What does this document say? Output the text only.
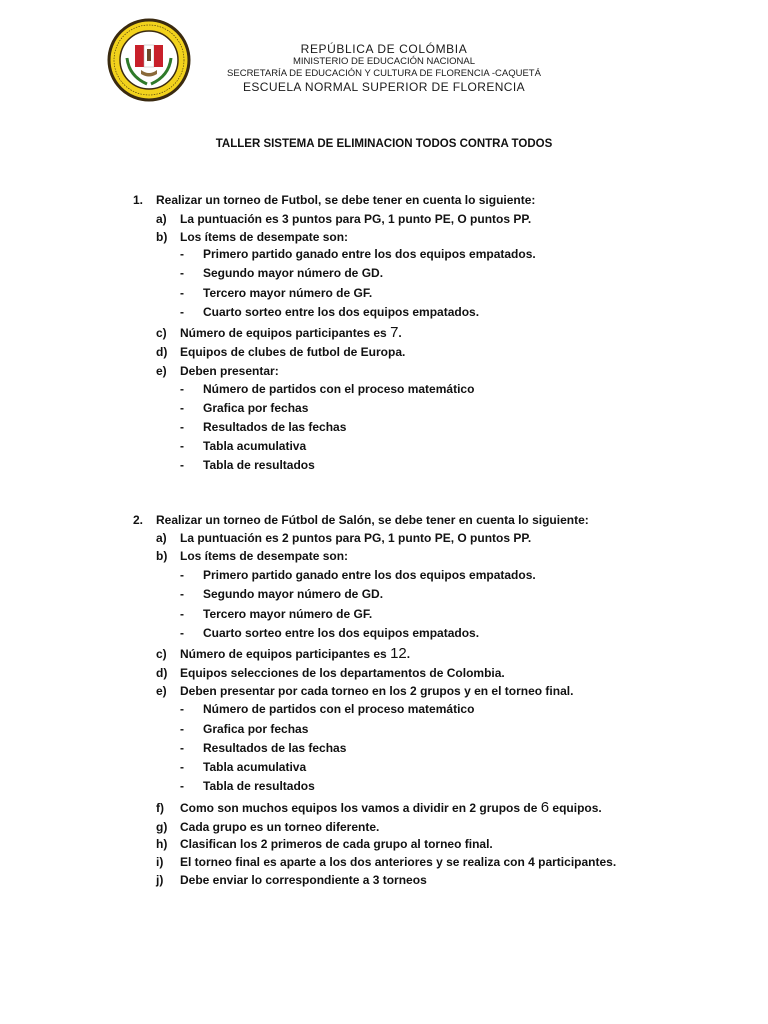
REPÚBLICA DE COLÓMBIA
MINISTERIO DE EDUCACIÓN NACIONAL
SECRETARÍA DE EDUCACIÓN Y CULTURA DE FLORENCIA -CAQUETÁ
ESCUELA NORMAL SUPERIOR DE FLORENCIA
TALLER SISTEMA DE ELIMINACION TODOS CONTRA TODOS
1. Realizar un torneo de Futbol, se debe tener en cuenta lo siguiente:
a) La puntuación es 3 puntos para PG, 1 punto PE, O puntos PP.
b) Los ítems de desempate son:
- Primero partido ganado entre los dos equipos empatados.
- Segundo mayor número de GD.
- Tercero mayor número de GF.
- Cuarto sorteo entre los dos equipos empatados.
c) Número de equipos participantes es 7.
d) Equipos de clubes de futbol de Europa.
e) Deben presentar:
- Número de partidos con el proceso matemático
- Grafica por fechas
- Resultados de las fechas
- Tabla acumulativa
- Tabla de resultados
2. Realizar un torneo de Fútbol de Salón, se debe tener en cuenta lo siguiente:
a) La puntuación es 2 puntos para PG, 1 punto PE, O puntos PP.
b) Los ítems de desempate son:
- Primero partido ganado entre los dos equipos empatados.
- Segundo mayor número de GD.
- Tercero mayor número de GF.
- Cuarto sorteo entre los dos equipos empatados.
c) Número de equipos participantes es 12.
d) Equipos selecciones de los departamentos de Colombia.
e) Deben presentar por cada torneo en los 2 grupos y en el torneo final.
- Número de partidos con el proceso matemático
- Grafica por fechas
- Resultados de las fechas
- Tabla acumulativa
- Tabla de resultados
f) Como son muchos equipos los vamos a dividir en 2 grupos de 6 equipos.
g) Cada grupo es un torneo diferente.
h) Clasifican los 2 primeros de cada grupo al torneo final.
i) El torneo final es aparte a los dos anteriores y se realiza con 4 participantes.
j) Debe enviar lo correspondiente a 3 torneos
